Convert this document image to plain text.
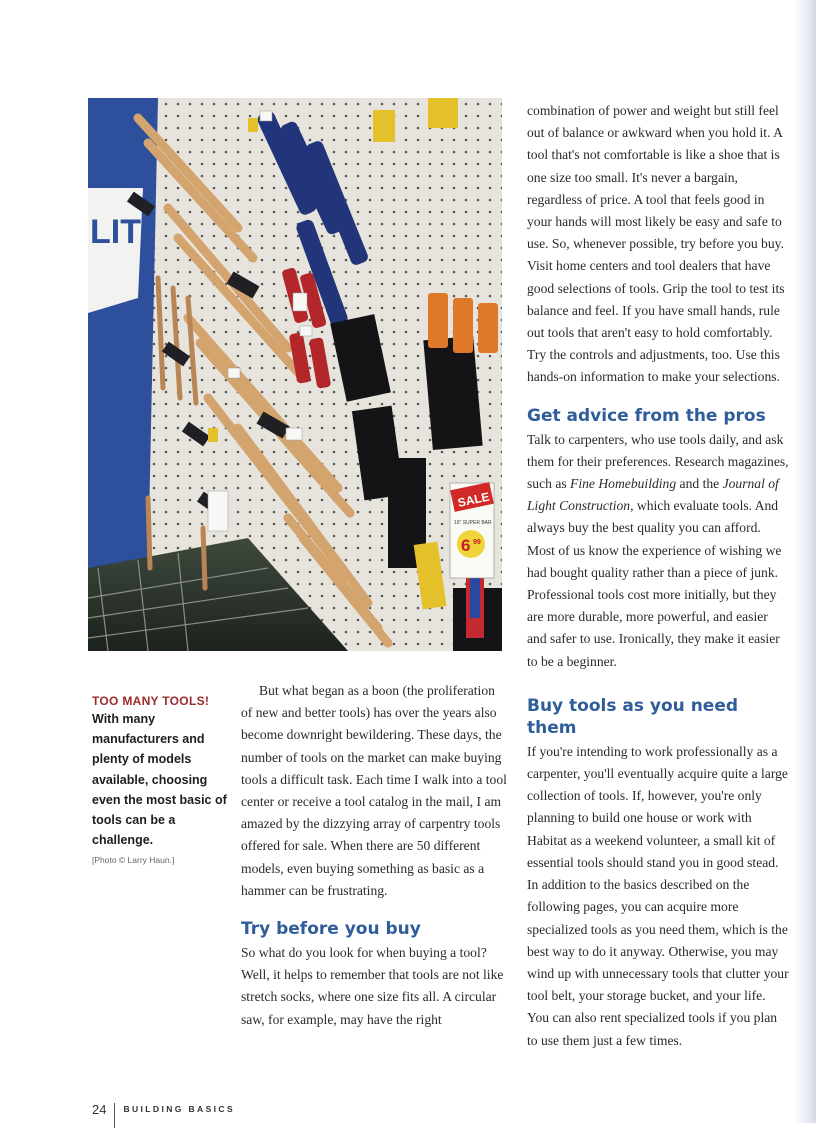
LIT
SALE
16" SUPER BAR
6 99
TOO MANY TOOLS!
With many manufacturers and plenty of models available, choosing even the most basic of tools can be a challenge.
[Photo © Larry Haun.]

But what began as a boon (the proliferation of new and better tools) has over the years also become downright bewildering. These days, the number of tools on the market can make buying tools a difficult task. Each time I walk into a tool center or receive a tool catalog in the mail, I am amazed by the dizzying array of carpentry tools offered for sale. When there are 50 different models, even buying something as basic as a hammer can be frustrating.

Try before you buy

So what do you look for when buying a tool? Well, it helps to remember that tools are not like stretch socks, where one size fits all. A circular saw, for example, may have the right

combination of power and weight but still feel out of balance or awkward when you hold it. A tool that's not comfortable is like a shoe that is one size too small. It's never a bargain, regardless of price. A tool that feels good in your hands will most likely be easy and safe to use. So, whenever possible, try before you buy. Visit home centers and tool dealers that have good selections of tools. Grip the tool to test its balance and feel. If you have small hands, rule out tools that aren't easy to hold comfortably. Try the controls and adjustments, too. Use this hands-on information to make your selections.

Get advice from the pros

Talk to carpenters, who use tools daily, and ask them for their preferences. Research magazines, such as Fine Homebuilding and the Journal of Light Construction, which evaluate tools. And always buy the best quality you can afford. Most of us know the experience of wishing we had bought quality rather than a piece of junk. Professional tools cost more initially, but they are more durable, more powerful, and easier and safer to use. Ironically, they make it easier to be a beginner.

Buy tools as you need them

If you're intending to work professionally as a carpenter, you'll eventually acquire quite a large collection of tools. If, however, you're only planning to build one house or work with Habitat as a weekend volunteer, a small kit of essential tools should stand you in good stead. In addition to the basics described on the following pages, you can acquire more specialized tools as you need them, which is the best way to do it anyway. Otherwise, you may wind up with unnecessary tools that clutter your tool belt, your storage bucket, and your life. You can also rent specialized tools if you plan to use them just a few times.

24 BUILDING BASICS
